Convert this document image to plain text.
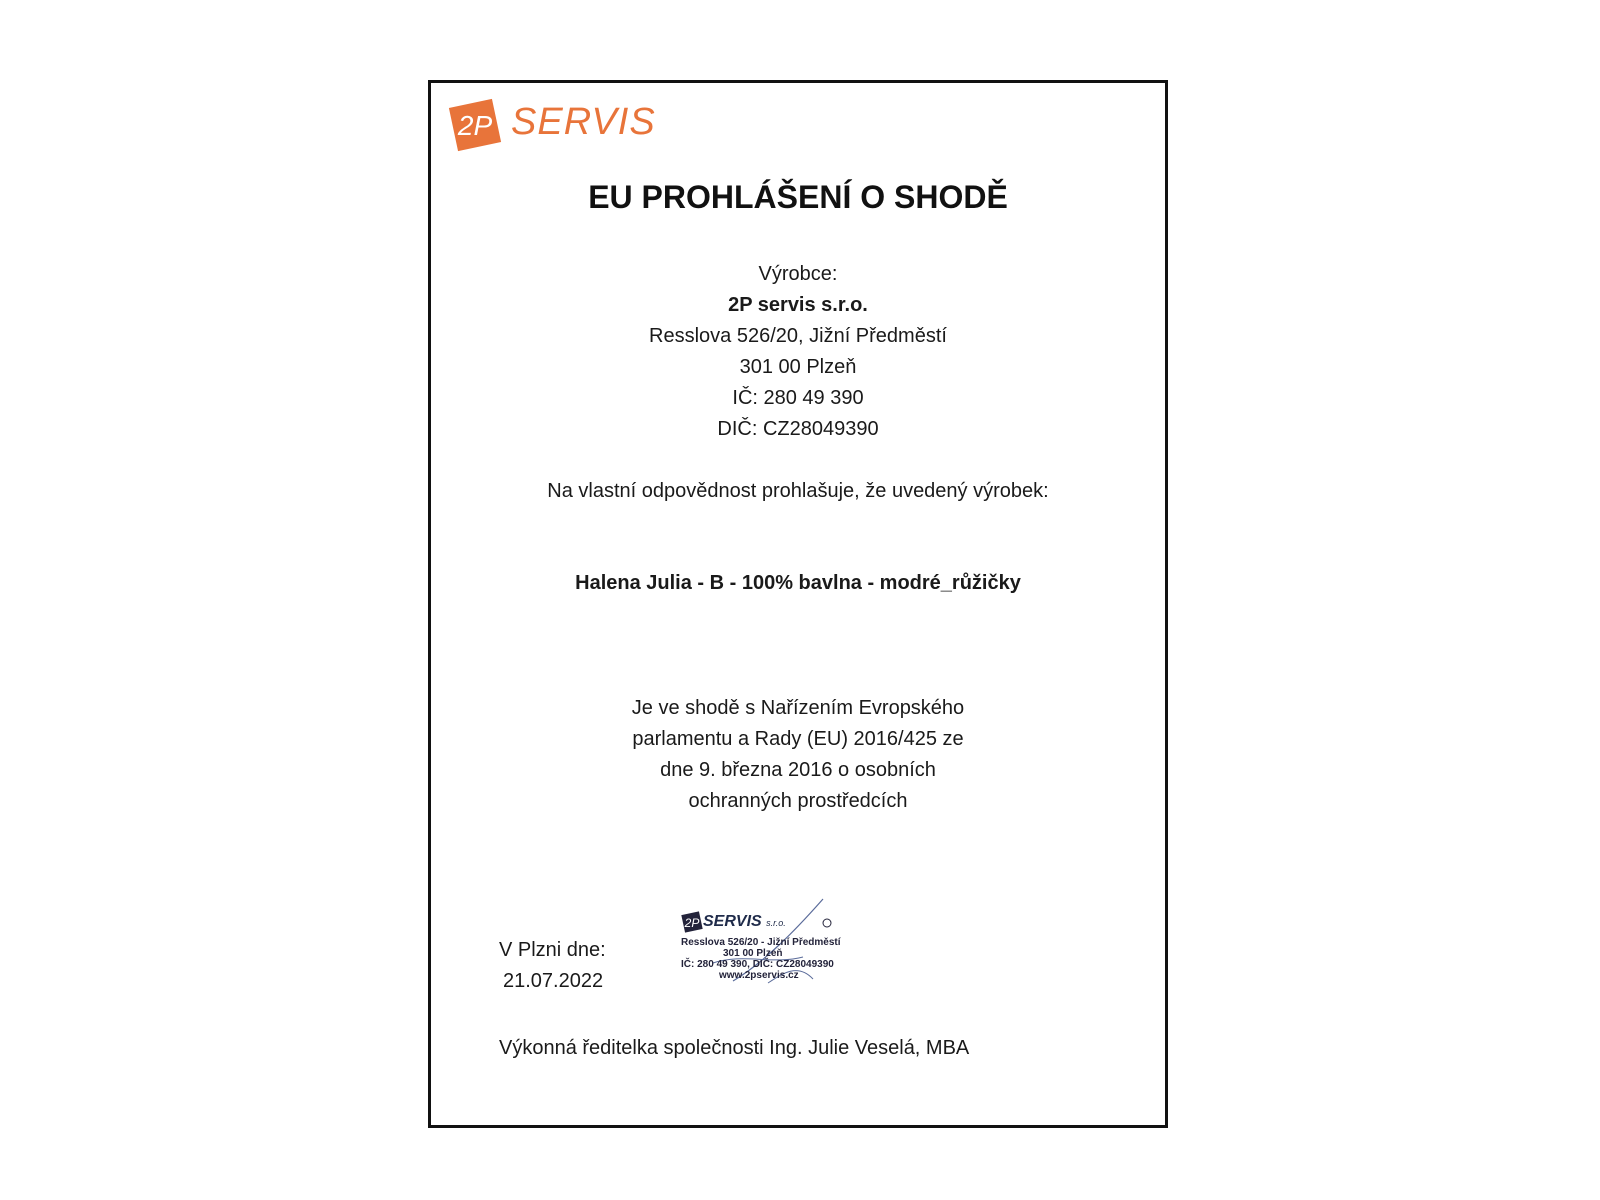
2P SERVIS
EU PROHLÁŠENÍ O SHODĚ
Výrobce:
2P servis s.r.o.
Resslova 526/20, Jižní Předměstí
301 00 Plzeň
IČ: 280 49 390
DIČ: CZ28049390
Na vlastní odpovědnost prohlašuje, že uvedený výrobek:
Halena Julia - B - 100% bavlna - modré_růžičky
Je ve shodě s Nařízením Evropského
parlamentu a Rady (EU) 2016/425 ze
dne 9. března 2016 o osobních
ochranných prostředcích
V Plzni dne:
21.07.2022
2P SERVIS s.r.o.
Resslova 526/20 - Jižní Předměstí
301 00 Plzeň
IČ: 280 49 390, DIČ: CZ28049390
www.2pservis.cz
Výkonná ředitelka společnosti Ing. Julie Veselá, MBA
